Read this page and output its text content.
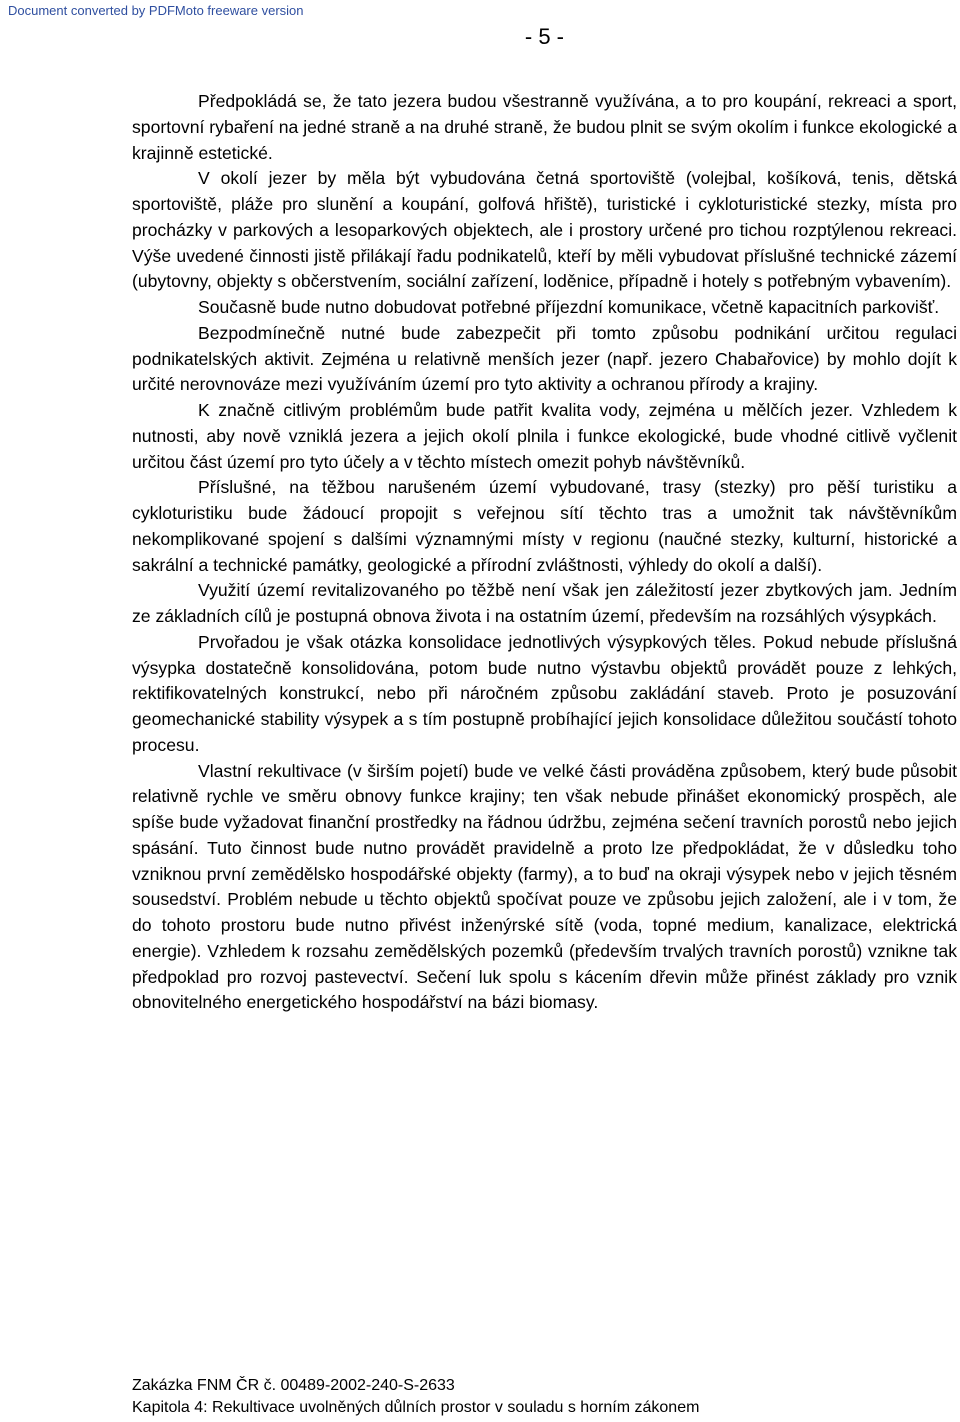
Document converted by PDFMoto freeware version
- 5 -

Předpokládá se, že tato jezera budou všestranně využívána, a to pro koupání, rekreaci a sport, sportovní rybaření na jedné straně a na druhé straně, že budou plnit se svým okolím i funkce ekologické a krajinně estetické.

V okolí jezer by měla být vybudována četná sportoviště (volejbal, košíková, tenis, dětská sportoviště, pláže pro slunění a koupání, golfová hřiště), turistické i cykloturistické stezky, místa pro procházky v parkových a lesoparkových objektech, ale i prostory určené pro tichou rozptýlenou rekreaci. Výše uvedené činnosti jistě přilákají řadu podnikatelů, kteří by měli vybudovat příslušné technické zázemí (ubytovny, objekty s občerstvením, sociální zařízení, loděnice, případně i hotely s potřebným vybavením).

Současně bude nutno dobudovat potřebné příjezdní komunikace, včetně kapacitních parkovišť.

Bezpodmínečně nutné bude zabezpečit při tomto způsobu podnikání určitou regulaci podnikatelských aktivit. Zejména u relativně menších jezer (např. jezero Chabařovice) by mohlo dojít k určité nerovnováze mezi využíváním území pro tyto aktivity a ochranou přírody a krajiny.

K značně citlivým problémům bude patřit kvalita vody, zejména u mělčích jezer. Vzhledem k nutnosti, aby nově vzniklá jezera a jejich okolí plnila i funkce ekologické, bude vhodné citlivě vyčlenit určitou část území pro tyto účely a v těchto místech omezit pohyb návštěvníků.

Příslušné, na těžbou narušeném území vybudované, trasy (stezky) pro pěší turistiku a cykloturistiku bude žádoucí propojit s veřejnou sítí těchto tras a umožnit tak návštěvníkům nekomplikované spojení s dalšími významnými místy v regionu (naučné stezky, kulturní, historické a sakrální a technické památky, geologické a přírodní zvláštnosti, výhledy do okolí a další).

Využití území revitalizovaného po těžbě není však jen záležitostí jezer zbytkových jam. Jedním ze základních cílů je postupná obnova života i na ostatním území, především na rozsáhlých výsypkách.

Prvořadou je však otázka konsolidace jednotlivých výsypkových těles. Pokud nebude příslušná výsypka dostatečně konsolidována, potom bude nutno výstavbu objektů provádět pouze z lehkých, rektifikovatelných konstrukcí, nebo při náročném způsobu zakládání staveb. Proto je posuzování geomechanické stability výsypek a s tím postupně probíhající jejich konsolidace důležitou součástí tohoto procesu.

Vlastní rekultivace (v širším pojetí) bude ve velké části prováděna způsobem, který bude působit relativně rychle ve směru obnovy funkce krajiny; ten však nebude přinášet ekonomický prospěch, ale spíše bude vyžadovat finanční prostředky na řádnou údržbu, zejména sečení travních porostů nebo jejich spásání. Tuto činnost bude nutno provádět pravidelně a proto lze předpokládat, že v důsledku toho vzniknou první zemědělsko hospodářské objekty (farmy), a to buď na okraji výsypek nebo v jejich těsném sousedství. Problém nebude u těchto objektů spočívat pouze ve způsobu jejich založení, ale i v tom, že do tohoto prostoru bude nutno přivést inženýrské sítě (voda, topné medium, kanalizace, elektrická energie). Vzhledem k rozsahu zemědělských pozemků (především trvalých travních porostů) vznikne tak předpoklad pro rozvoj pastevectví. Sečení luk spolu s kácením dřevin může přinést základy pro vznik obnovitelného energetického hospodářství na bázi biomasy.

Zakázka FNM ČR č. 00489-2002-240-S-2633
Kapitola 4: Rekultivace uvolněných důlních prostor v souladu s horním zákonem
